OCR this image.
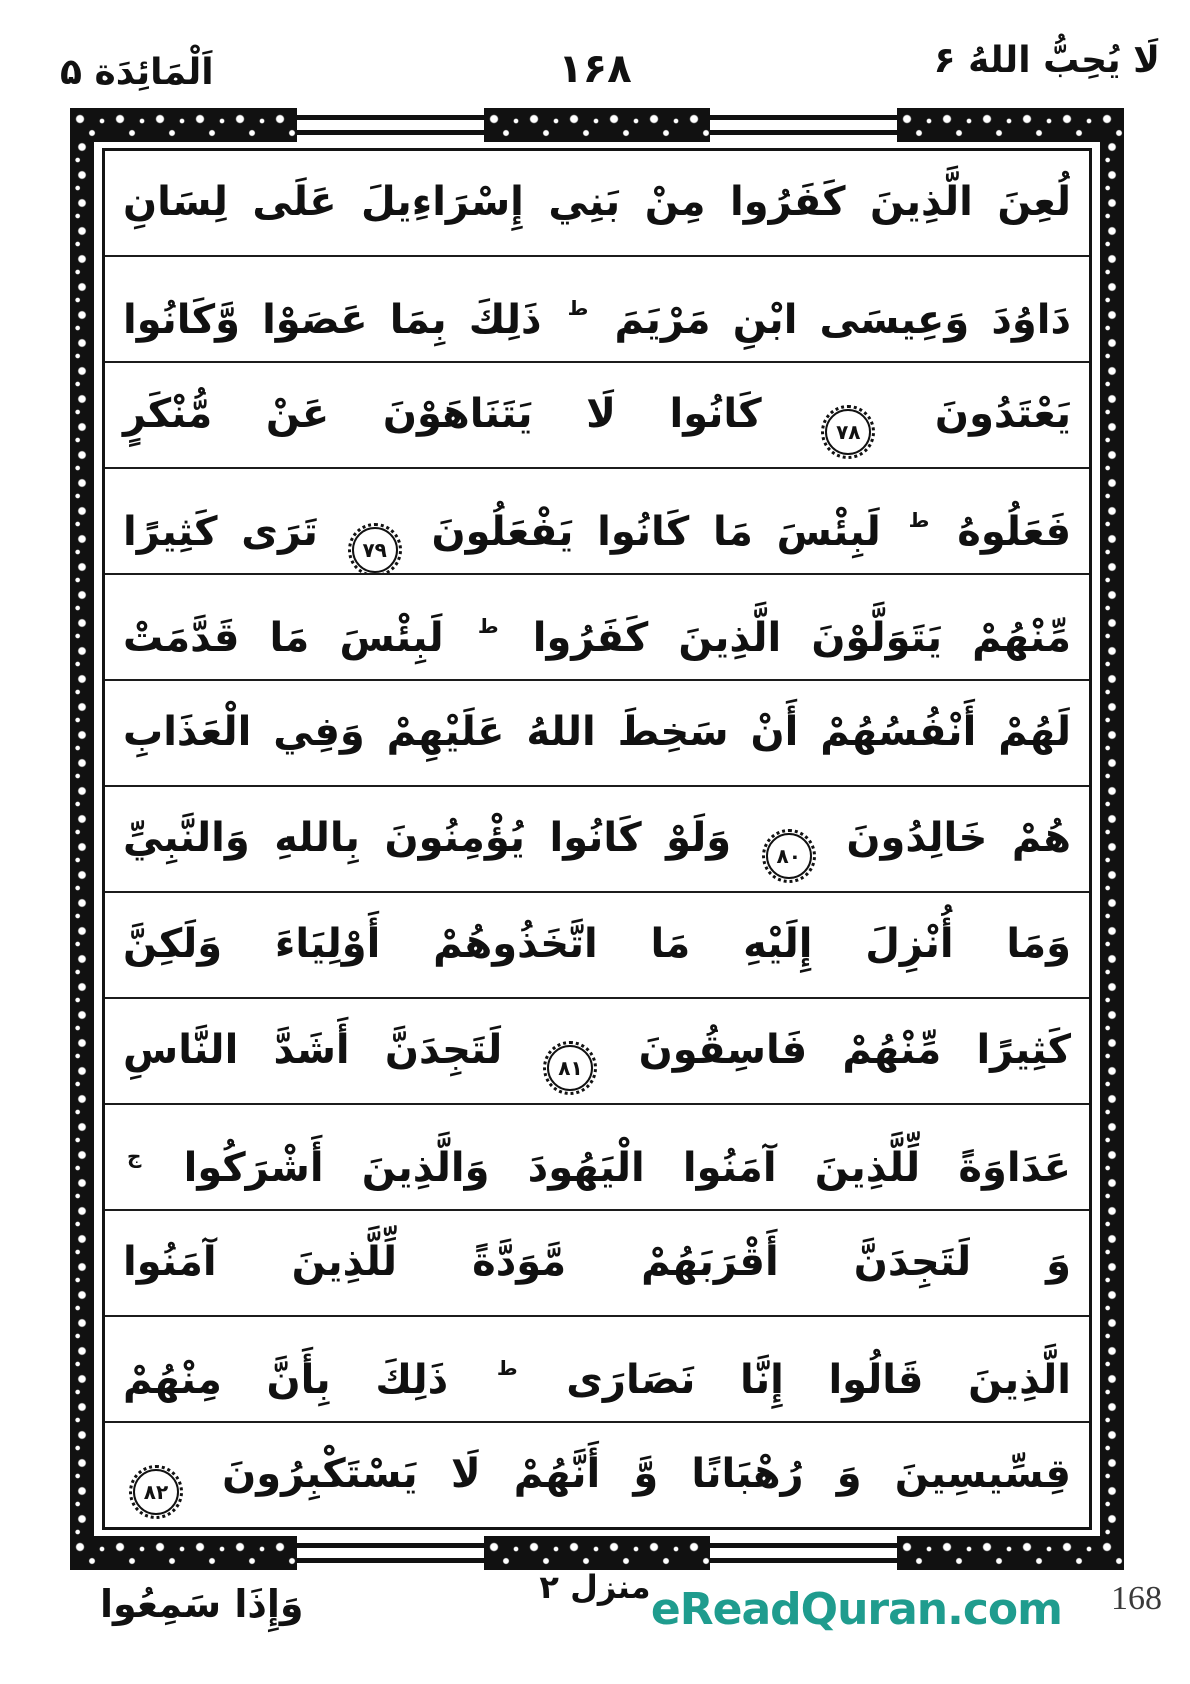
اَلْمَائِدَة ۵	۱۶۸	لَا يُحِبُّ اللهُ ۶
لُعِنَ الَّذِينَ كَفَرُوا مِنْ بَنِي إِسْرَاءِيلَ عَلَى لِسَانِ
دَاوُدَ وَعِيسَى ابْنِ مَرْيَمَ $^ط$ ذَلِكَ بِمَا عَصَوْا وَّكَانُوا
يَعْتَدُونَ ۷۸ كَانُوا لَا يَتَنَاهَوْنَ عَنْ مُّنْكَرٍ
فَعَلُوهُ $^ط$ لَبِئْسَ مَا كَانُوا يَفْعَلُونَ ۷۹ تَرَى كَثِيرًا
مِّنْهُمْ يَتَوَلَّوْنَ الَّذِينَ كَفَرُوا $^ط$ لَبِئْسَ مَا قَدَّمَتْ
لَهُمْ أَنْفُسُهُمْ أَنْ سَخِطَ اللهُ عَلَيْهِمْ وَفِي الْعَذَابِ
هُمْ خَالِدُونَ ۸۰ وَلَوْ كَانُوا يُؤْمِنُونَ بِاللهِ وَالنَّبِيِّ
وَمَا أُنْزِلَ إِلَيْهِ مَا اتَّخَذُوهُمْ أَوْلِيَاءَ وَلَكِنَّ
كَثِيرًا مِّنْهُمْ فَاسِقُونَ ۸۱ لَتَجِدَنَّ أَشَدَّ النَّاسِ
عَدَاوَةً لِّلَّذِينَ آمَنُوا الْيَهُودَ وَالَّذِينَ أَشْرَكُوا $^ج$
وَ لَتَجِدَنَّ أَقْرَبَهُمْ مَّوَدَّةً لِّلَّذِينَ آمَنُوا
الَّذِينَ قَالُوا إِنَّا نَصَارَى $^ط$ ذَلِكَ بِأَنَّ مِنْهُمْ
قِسِّيسِينَ وَ رُهْبَانًا وَّ أَنَّهُمْ لَا يَسْتَكْبِرُونَ ۸۲
وَإِذَا سَمِعُوا	منزل ٢ eReadQuran.com 168
